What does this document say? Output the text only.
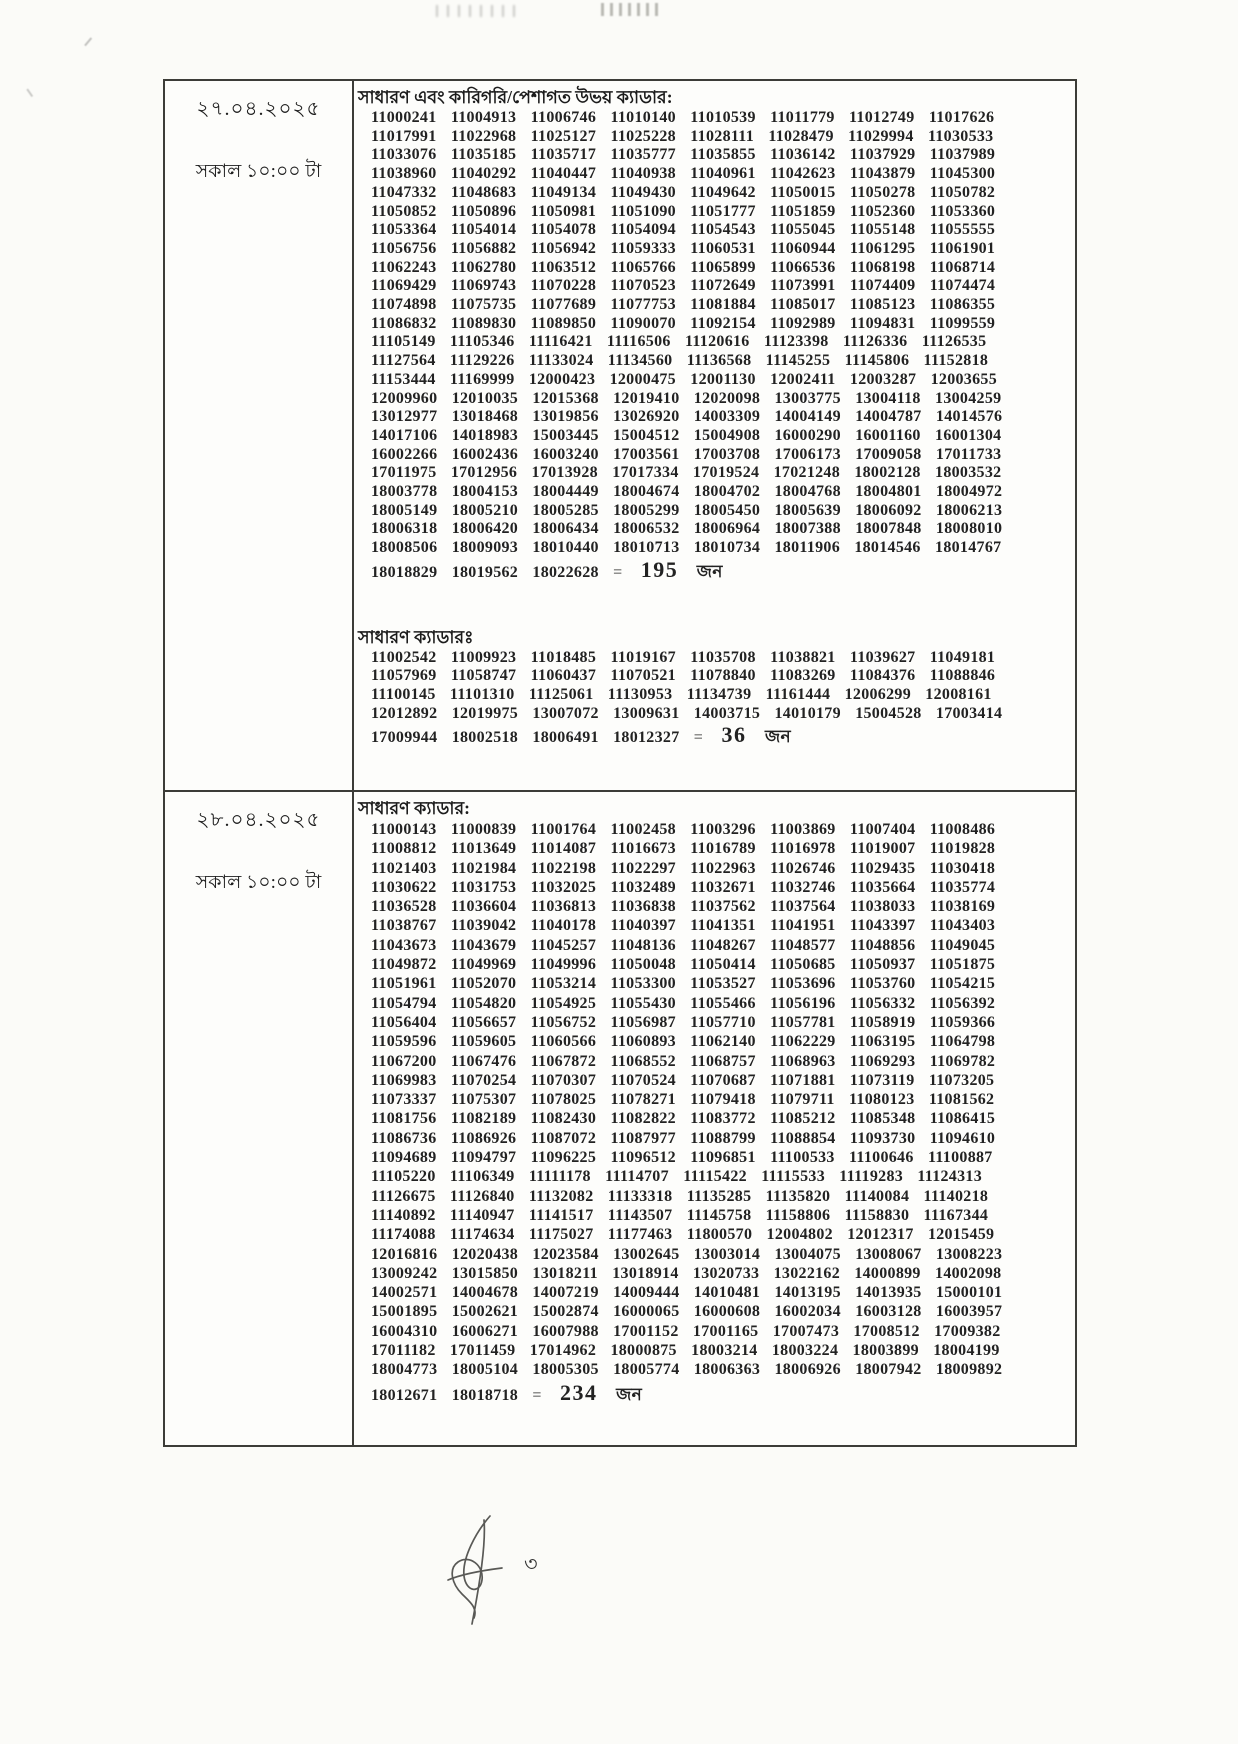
২৭.০৪.২০২৫
সকাল ১০:০০ টা
সাধারণ এবং কারিগরি/পেশাগত উভয় ক্যাডার:
11000241 11004913 11006746 11010140 11010539 11011779 11012749 11017626
11017991 11022968 11025127 11025228 11028111 11028479 11029994 11030533
11033076 11035185 11035717 11035777 11035855 11036142 11037929 11037989
11038960 11040292 11040447 11040938 11040961 11042623 11043879 11045300
11047332 11048683 11049134 11049430 11049642 11050015 11050278 11050782
11050852 11050896 11050981 11051090 11051777 11051859 11052360 11053360
11053364 11054014 11054078 11054094 11054543 11055045 11055148 11055555
11056756 11056882 11056942 11059333 11060531 11060944 11061295 11061901
11062243 11062780 11063512 11065766 11065899 11066536 11068198 11068714
11069429 11069743 11070228 11070523 11072649 11073991 11074409 11074474
11074898 11075735 11077689 11077753 11081884 11085017 11085123 11086355
11086832 11089830 11089850 11090070 11092154 11092989 11094831 11099559
11105149 11105346 11116421 11116506 11120616 11123398 11126336 11126535
11127564 11129226 11133024 11134560 11136568 11145255 11145806 11152818
11153444 11169999 12000423 12000475 12001130 12002411 12003287 12003655
12009960 12010035 12015368 12019410 12020098 13003775 13004118 13004259
13012977 13018468 13019856 13026920 14003309 14004149 14004787 14014576
14017106 14018983 15003445 15004512 15004908 16000290 16001160 16001304
16002266 16002436 16003240 17003561 17003708 17006173 17009058 17011733
17011975 17012956 17013928 17017334 17019524 17021248 18002128 18003532
18003778 18004153 18004449 18004674 18004702 18004768 18004801 18004972
18005149 18005210 18005285 18005299 18005450 18005639 18006092 18006213
18006318 18006420 18006434 18006532 18006964 18007388 18007848 18008010
18008506 18009093 18010440 18010713 18010734 18011906 18014546 18014767
18018829 18019562 18022628 = 195 জন
সাধারণ ক্যাডারঃ
11002542 11009923 11018485 11019167 11035708 11038821 11039627 11049181
11057969 11058747 11060437 11070521 11078840 11083269 11084376 11088846
11100145 11101310 11125061 11130953 11134739 11161444 12006299 12008161
12012892 12019975 13007072 13009631 14003715 14010179 15004528 17003414
17009944 18002518 18006491 18012327 = 36 জন
২৮.০৪.২০২৫
সকাল ১০:০০ টা
সাধারণ ক্যাডার:
11000143 11000839 11001764 11002458 11003296 11003869 11007404 11008486
11008812 11013649 11014087 11016673 11016789 11016978 11019007 11019828
11021403 11021984 11022198 11022297 11022963 11026746 11029435 11030418
11030622 11031753 11032025 11032489 11032671 11032746 11035664 11035774
11036528 11036604 11036813 11036838 11037562 11037564 11038033 11038169
11038767 11039042 11040178 11040397 11041351 11041951 11043397 11043403
11043673 11043679 11045257 11048136 11048267 11048577 11048856 11049045
11049872 11049969 11049996 11050048 11050414 11050685 11050937 11051875
11051961 11052070 11053214 11053300 11053527 11053696 11053760 11054215
11054794 11054820 11054925 11055430 11055466 11056196 11056332 11056392
11056404 11056657 11056752 11056987 11057710 11057781 11058919 11059366
11059596 11059605 11060566 11060893 11062140 11062229 11063195 11064798
11067200 11067476 11067872 11068552 11068757 11068963 11069293 11069782
11069983 11070254 11070307 11070524 11070687 11071881 11073119 11073205
11073337 11075307 11078025 11078271 11079418 11079711 11080123 11081562
11081756 11082189 11082430 11082822 11083772 11085212 11085348 11086415
11086736 11086926 11087072 11087977 11088799 11088854 11093730 11094610
11094689 11094797 11096225 11096512 11096851 11100533 11100646 11100887
11105220 11106349 11111178 11114707 11115422 11115533 11119283 11124313
11126675 11126840 11132082 11133318 11135285 11135820 11140084 11140218
11140892 11140947 11141517 11143507 11145758 11158806 11158830 11167344
11174088 11174634 11175027 11177463 11800570 12004802 12012317 12015459
12016816 12020438 12023584 13002645 13003014 13004075 13008067 13008223
13009242 13015850 13018211 13018914 13020733 13022162 14000899 14002098
14002571 14004678 14007219 14009444 14010481 14013195 14013935 15000101
15001895 15002621 15002874 16000065 16000608 16002034 16003128 16003957
16004310 16006271 16007988 17001152 17001165 17007473 17008512 17009382
17011182 17011459 17014962 18000875 18003214 18003224 18003899 18004199
18004773 18005104 18005305 18005774 18006363 18006926 18007942 18009892
18012671 18018718 = 234 জন
৩
